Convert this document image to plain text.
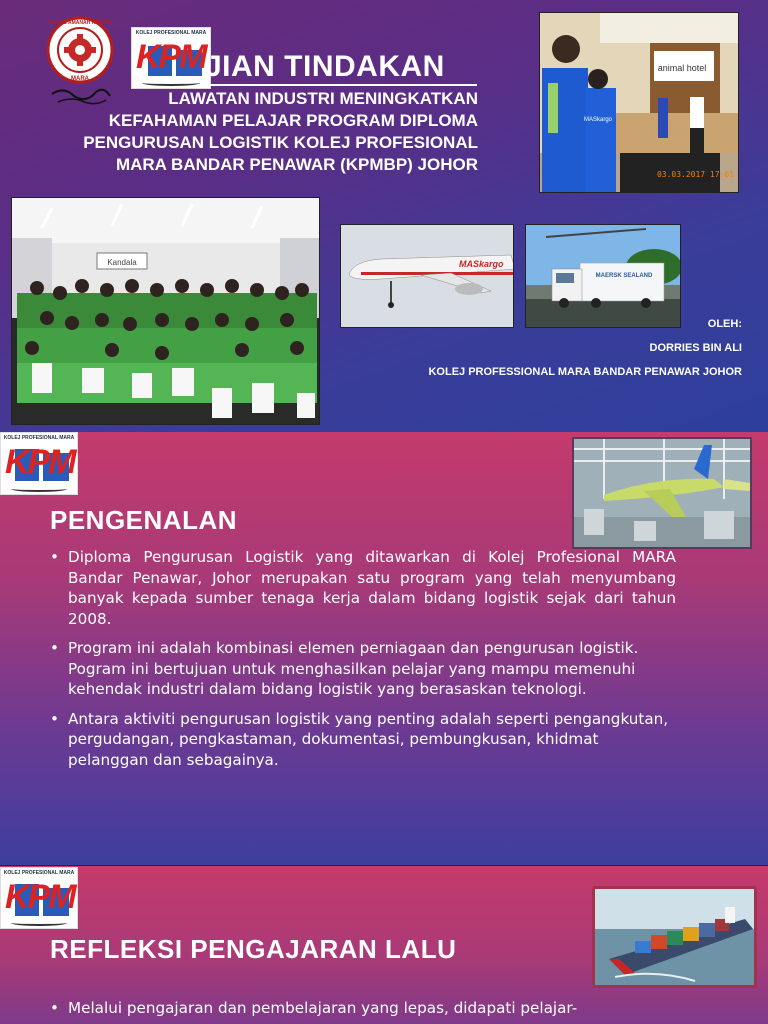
MAJLIS AMANAH RAKYAT
MARA
KOLEJ PROFESIONAL MARA
KPM JIAN TINDAKAN
LAWATAN INDUSTRI MENINGKATKAN
KEFAHAMAN PELAJAR PROGRAM DIPLOMA
PENGURUSAN LOGISTIK KOLEJ PROFESIONAL
MARA BANDAR PENAWAR (KPMBP) JOHOR
animal hotel
MASkargo
03.03.2017 17:01
Kandala	MASkargo
MAERSK SEALAND
OLEH:
DORRIES BIN ALI
KOLEJ PROFESSIONAL MARA BANDAR PENAWAR JOHOR
KOLEJ PROFESIONAL MARA
KPM
PENGENALAN
• Diploma Pengurusan Logistik yang ditawarkan di Kolej Profesional MARA Bandar Penawar, Johor merupakan satu program yang telah menyumbang banyak kepada sumber tenaga kerja dalam bidang logistik sejak dari tahun 2008.
• Program ini adalah kombinasi elemen perniagaan dan pengurusan logistik. Pogram ini bertujuan untuk menghasilkan pelajar yang mampu memenuhi kehendak industri dalam bidang logistik yang berasaskan teknologi.
• Antara aktiviti pengurusan logistik yang penting adalah seperti pengangkutan, pergudangan, pengkastaman, dokumentasi, pembungkusan, khidmat pelanggan dan sebagainya.
KOLEJ PROFESIONAL MARA
KPM
REFLEKSI PENGAJARAN LALU
• Melalui pengajaran dan pembelajaran yang lepas, didapati pelajar-
